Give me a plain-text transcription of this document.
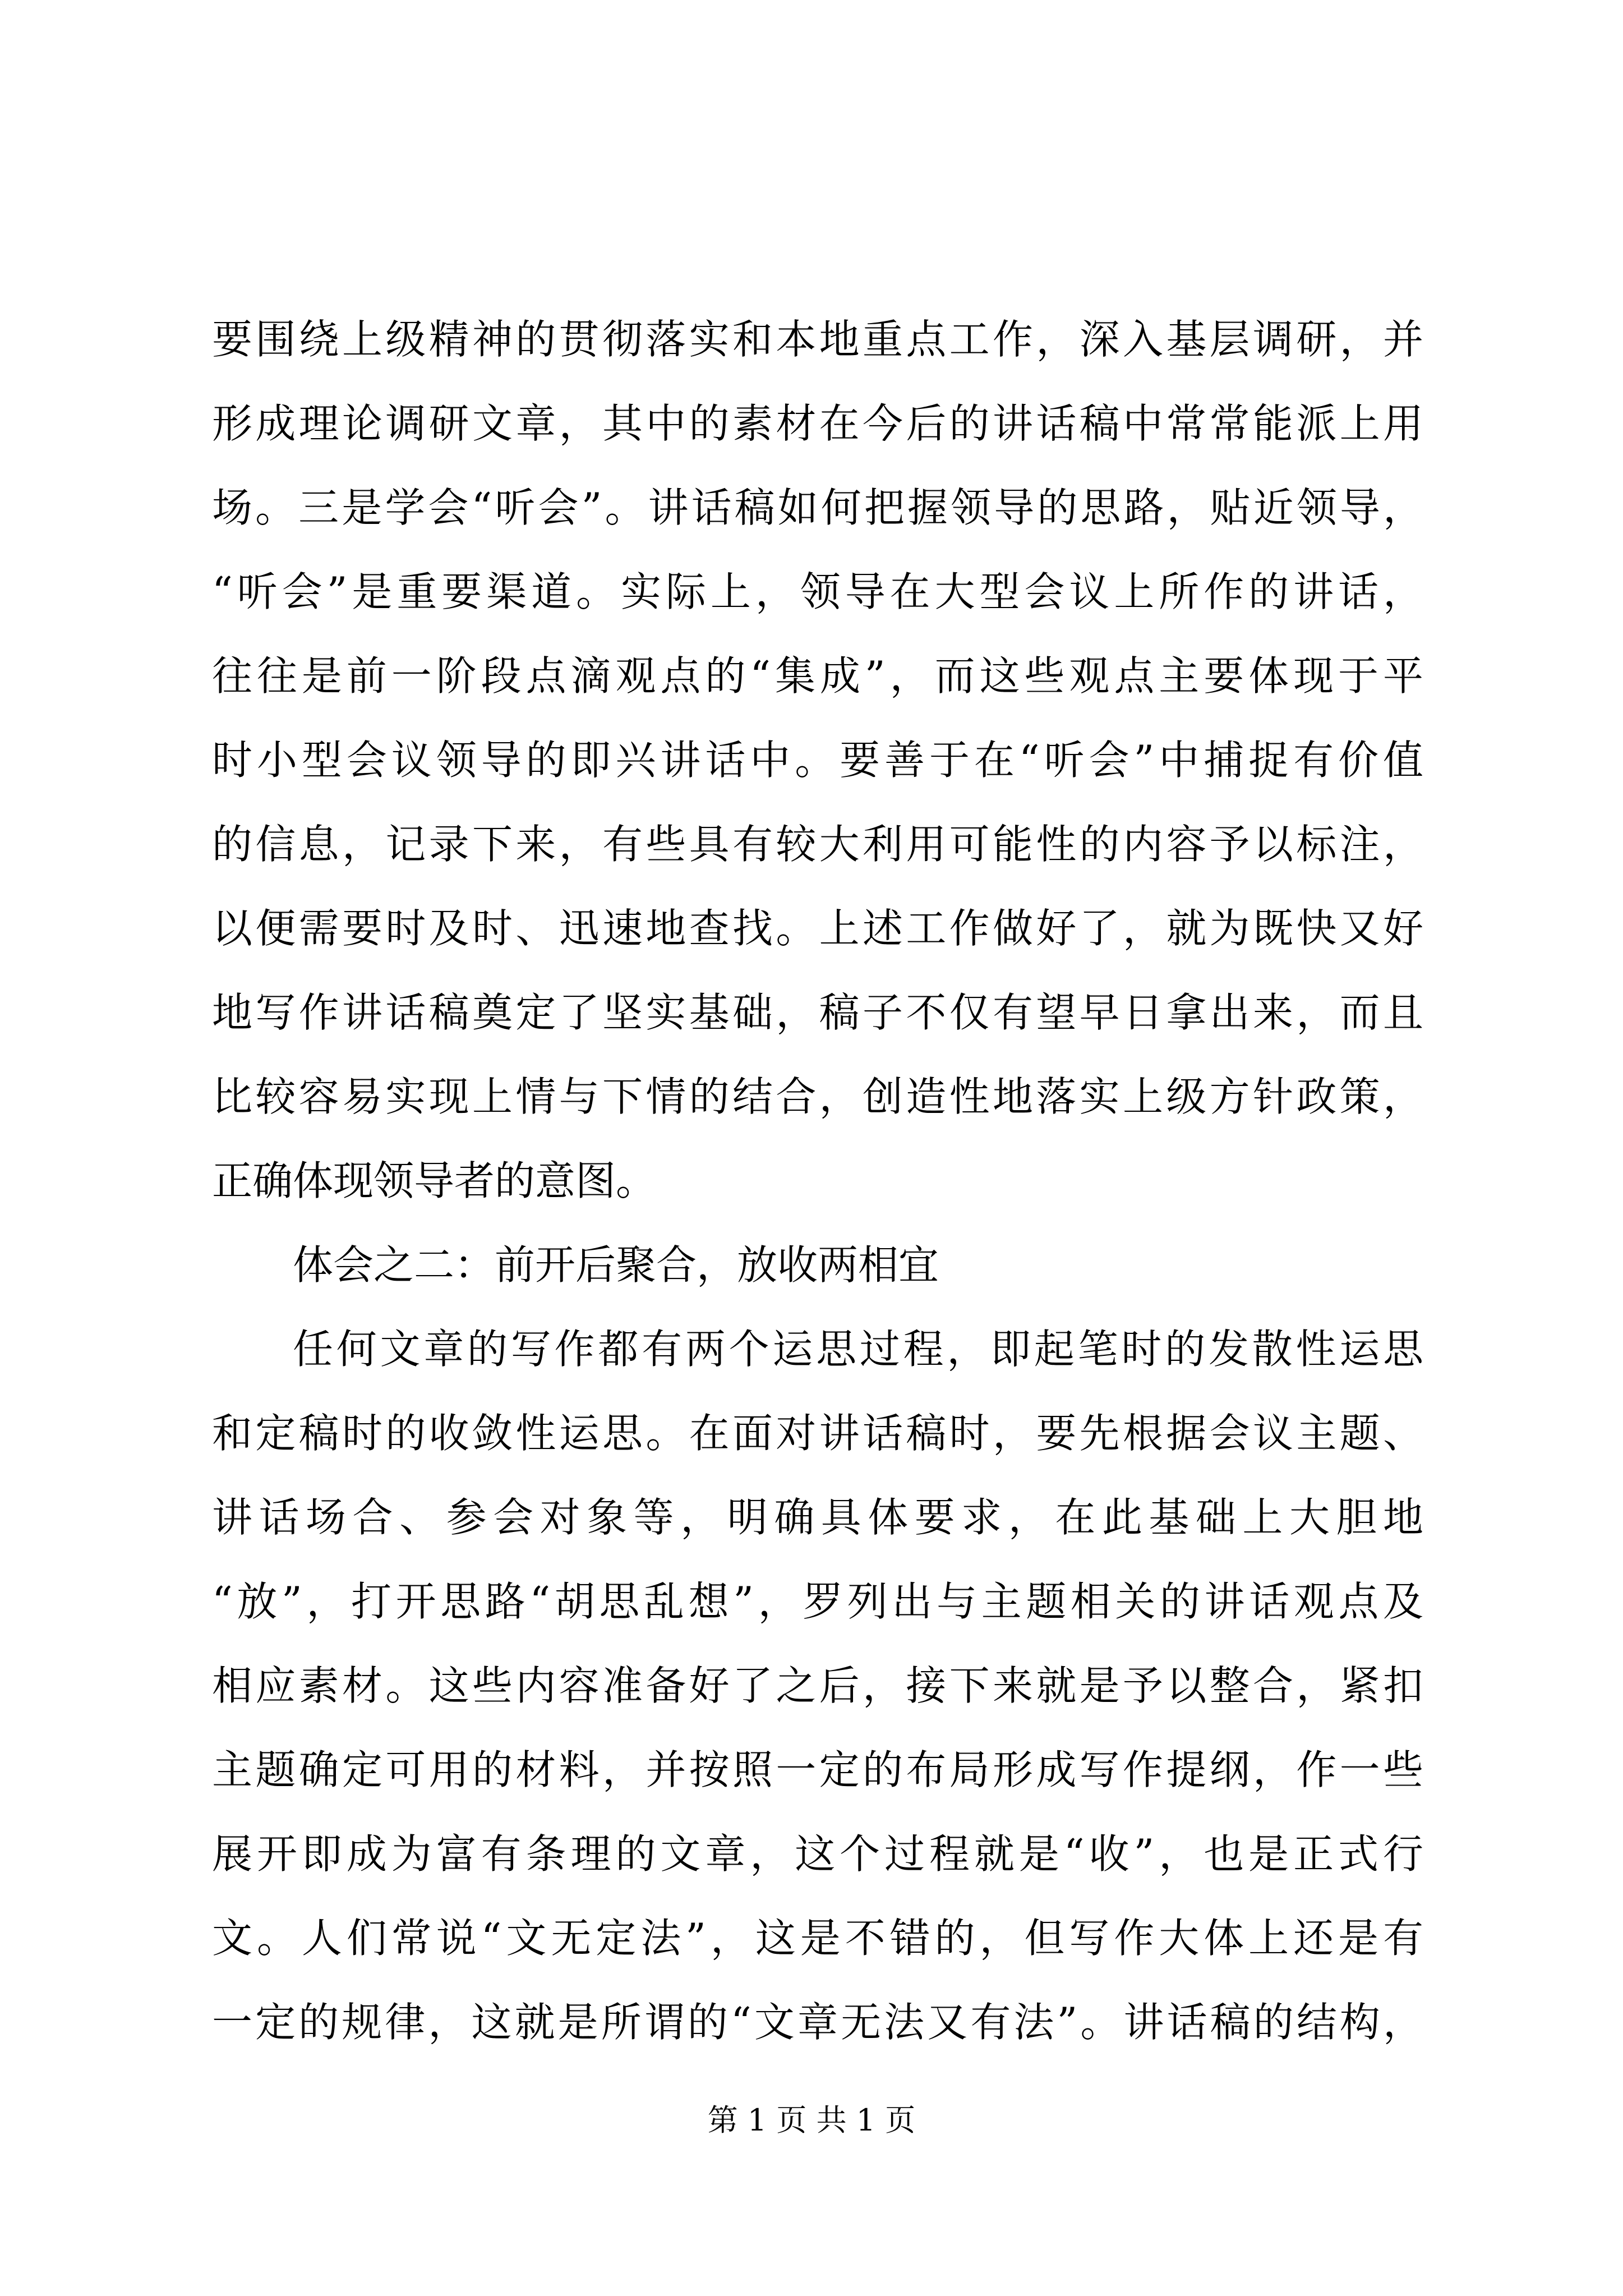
要围绕上级精神的贯彻落实和本地重点工作，深入基层调研，并
形成理论调研文章，其中的素材在今后的讲话稿中常常能派上用
场。三是学会“听会”。讲话稿如何把握领导的思路，贴近领导，
“听会”是重要渠道。实际上，领导在大型会议上所作的讲话，
往往是前一阶段点滴观点的“集成”，而这些观点主要体现于平
时小型会议领导的即兴讲话中。要善于在“听会”中捕捉有价值
的信息，记录下来，有些具有较大利用可能性的内容予以标注，
以便需要时及时、迅速地查找。上述工作做好了，就为既快又好
地写作讲话稿奠定了坚实基础，稿子不仅有望早日拿出来，而且
比较容易实现上情与下情的结合，创造性地落实上级方针政策，
正确体现领导者的意图。
体会之二：前开后聚合，放收两相宜
任何文章的写作都有两个运思过程，即起笔时的发散性运思
和定稿时的收敛性运思。在面对讲话稿时，要先根据会议主题、
讲话场合、参会对象等，明确具体要求，在此基础上大胆地
“放”，打开思路“胡思乱想”，罗列出与主题相关的讲话观点及
相应素材。这些内容准备好了之后，接下来就是予以整合，紧扣
主题确定可用的材料，并按照一定的布局形成写作提纲，作一些
展开即成为富有条理的文章，这个过程就是“收”，也是正式行
文。人们常说“文无定法”，这是不错的，但写作大体上还是有
一定的规律，这就是所谓的“文章无法又有法”。讲话稿的结构，
第 1 页 共 1 页
